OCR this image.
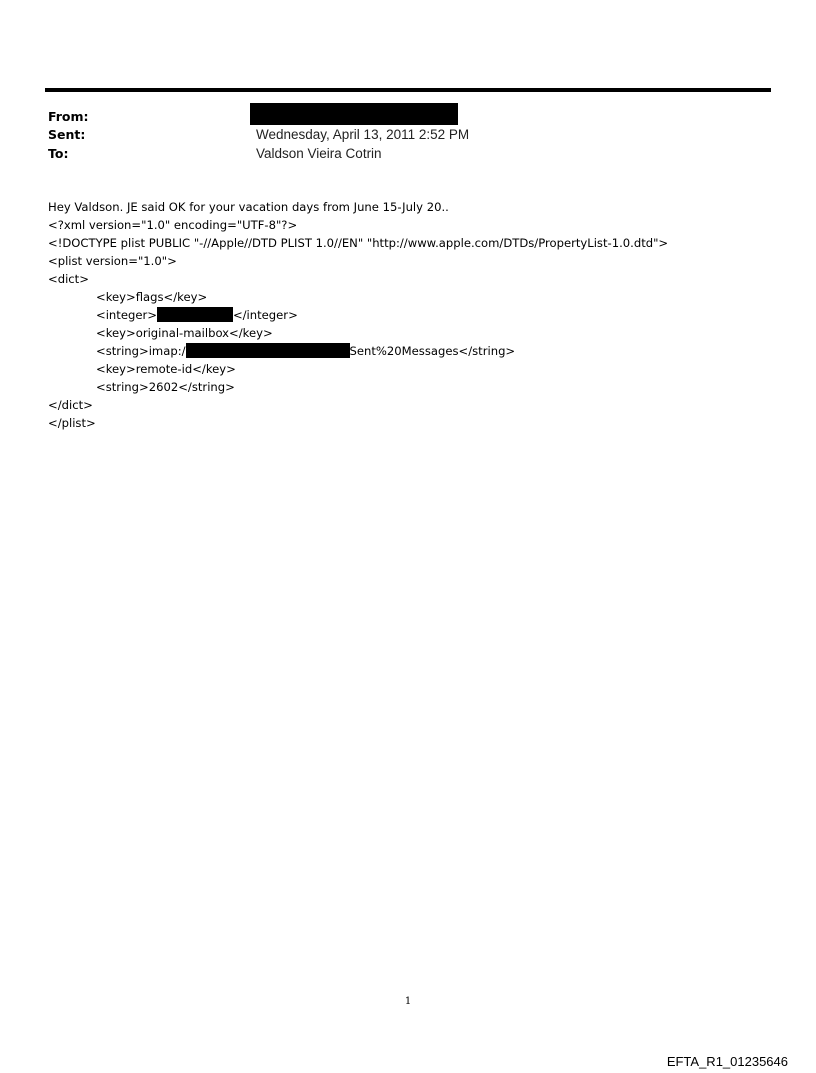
From:
Sent:	Wednesday, April 13, 2011 2:52 PM
To:	Valdson Vieira Cotrin
Hey Valdson. JE said OK for your vacation days from June 15-July 20..
<?xml version="1.0" encoding="UTF-8"?>
<!DOCTYPE plist PUBLIC "-//Apple//DTD PLIST 1.0//EN" "http://www.apple.com/DTDs/PropertyList-1.0.dtd">
<plist version="1.0">
<dict>
<key>flags</key>
<integer>	</integer>
<key>original-mailbox</key>
<string>imap:/	Sent%20Messages</string>
<key>remote-id</key>
<string>2602</string>
</dict>
</plist>
1
EFTA_R1_01235646
